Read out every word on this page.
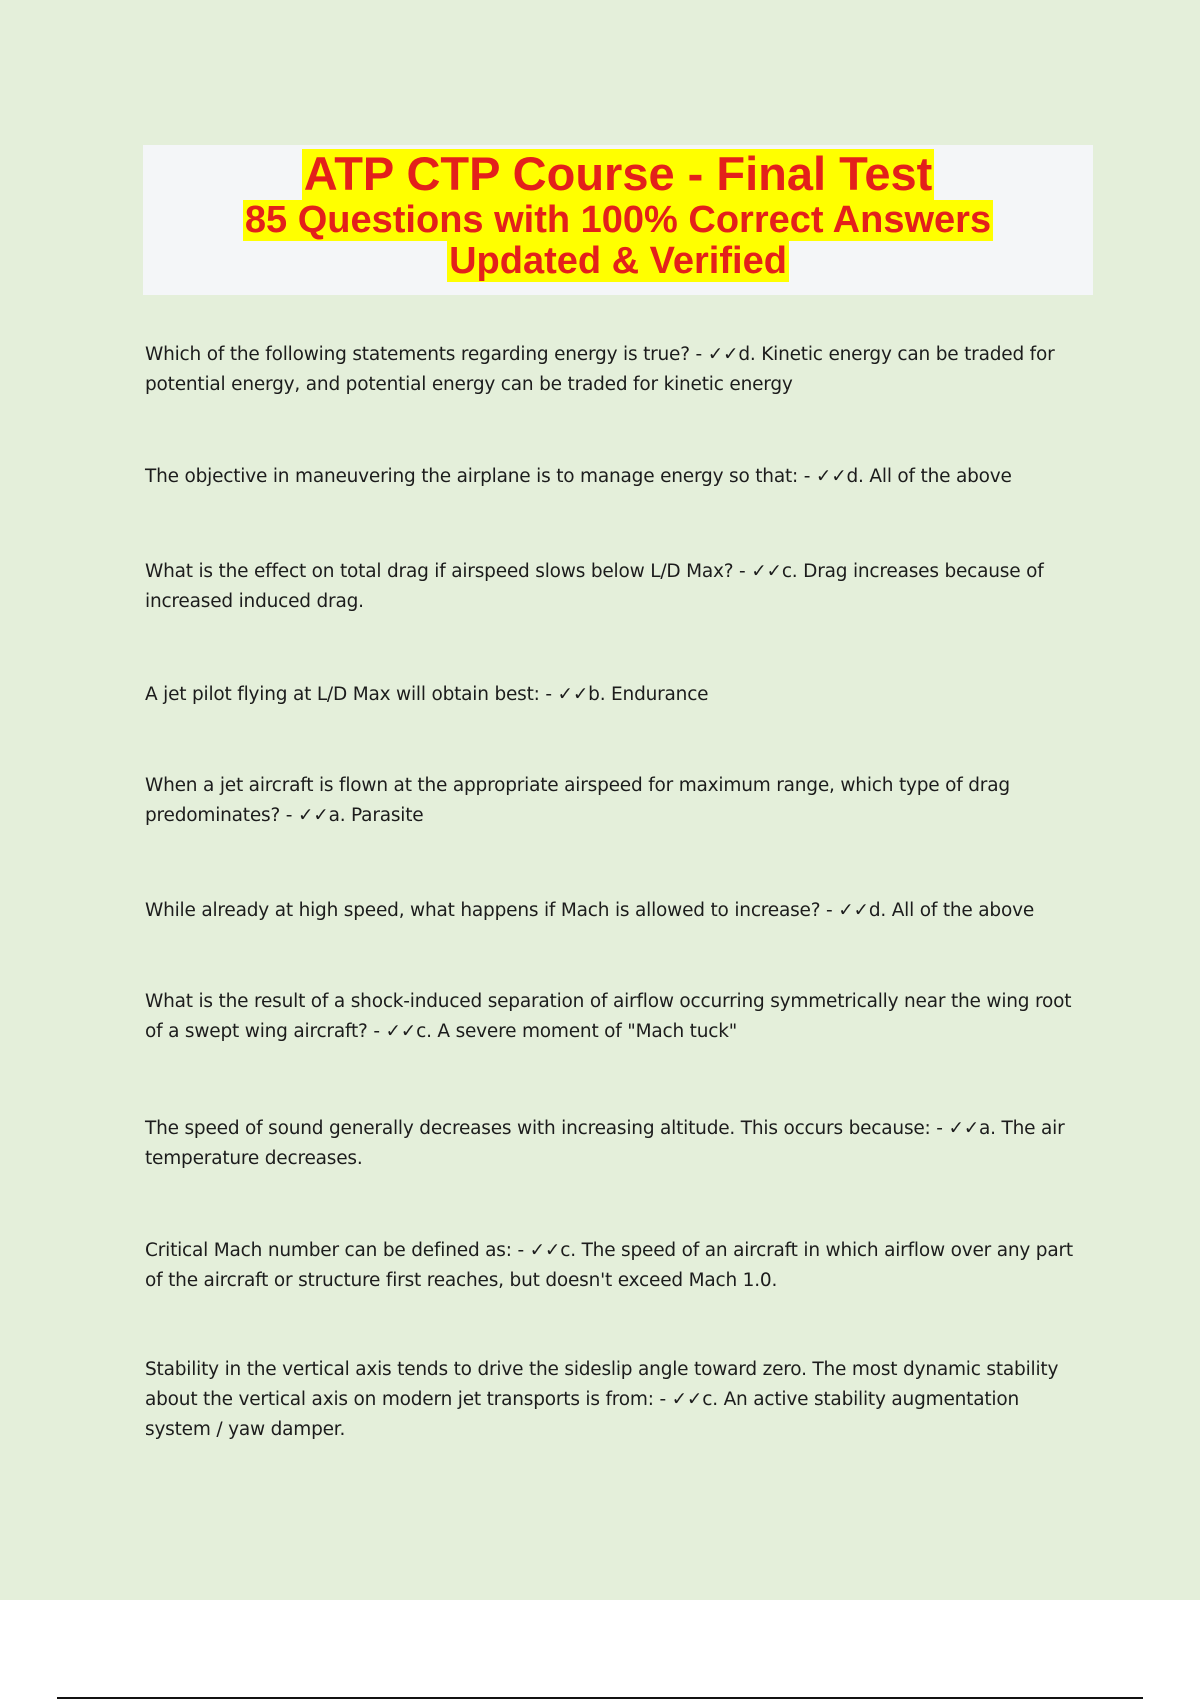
ATP CTP Course - Final Test
85 Questions with 100% Correct Answers
Updated & Verified
Which of the following statements regarding energy is true? - ✓✓d. Kinetic energy can be traded for potential energy, and potential energy can be traded for kinetic energy
The objective in maneuvering the airplane is to manage energy so that: - ✓✓d. All of the above
What is the effect on total drag if airspeed slows below L/D Max? - ✓✓c. Drag increases because of increased induced drag.
A jet pilot flying at L/D Max will obtain best: - ✓✓b. Endurance
When a jet aircraft is flown at the appropriate airspeed for maximum range, which type of drag predominates? - ✓✓a. Parasite
While already at high speed, what happens if Mach is allowed to increase? - ✓✓d. All of the above
What is the result of a shock-induced separation of airflow occurring symmetrically near the wing root of a swept wing aircraft? - ✓✓c. A severe moment of "Mach tuck"
The speed of sound generally decreases with increasing altitude. This occurs because: - ✓✓a. The air temperature decreases.
Critical Mach number can be defined as: - ✓✓c. The speed of an aircraft in which airflow over any part of the aircraft or structure first reaches, but doesn't exceed Mach 1.0.
Stability in the vertical axis tends to drive the sideslip angle toward zero. The most dynamic stability about the vertical axis on modern jet transports is from: - ✓✓c. An active stability augmentation system / yaw damper.
